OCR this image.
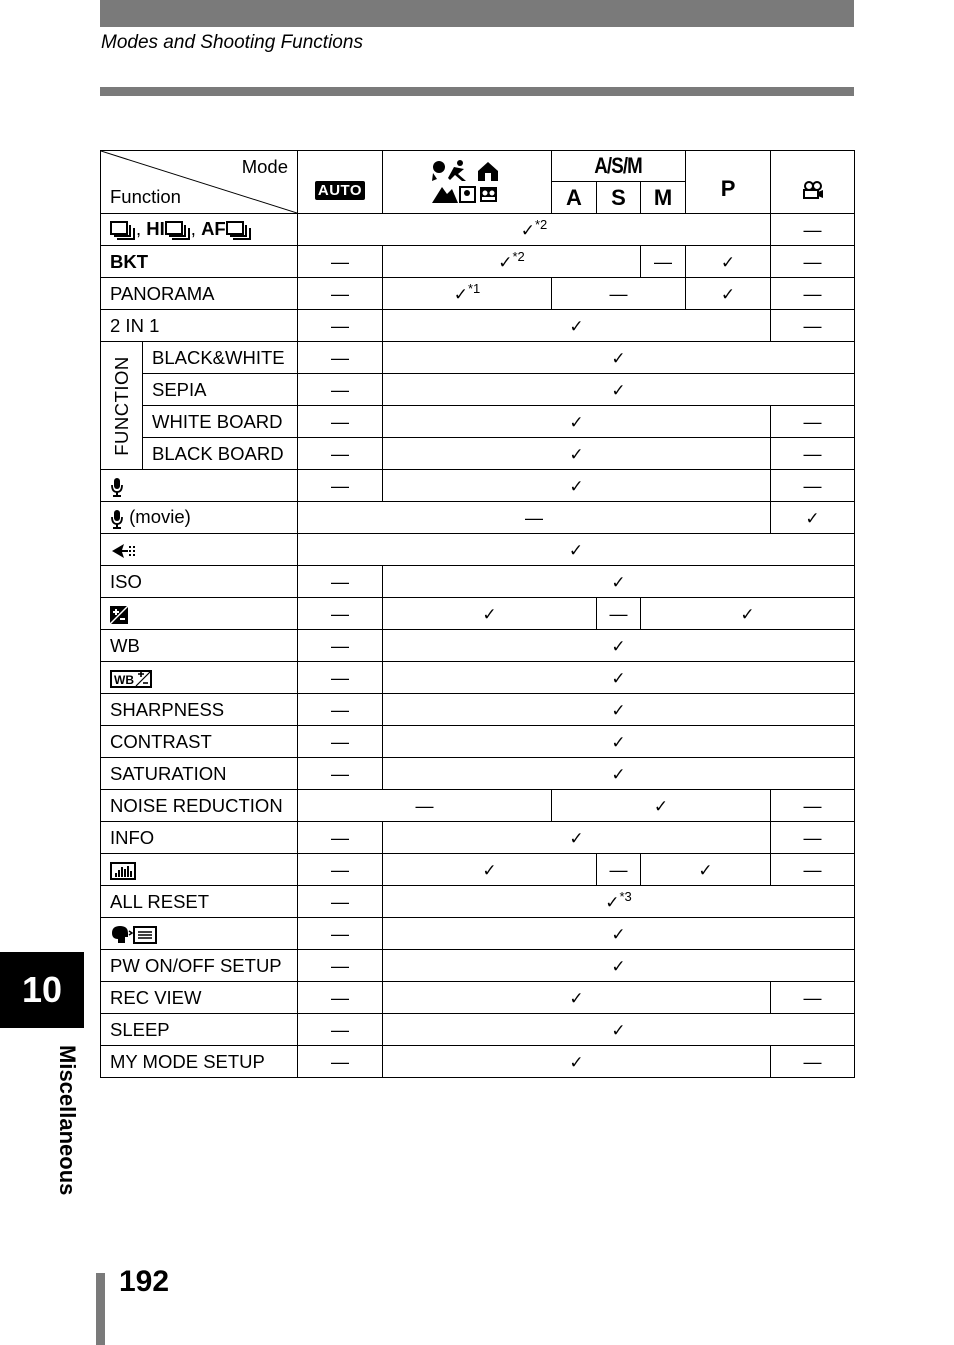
Modes and Shooting Functions
Mode
Function		AUTO		A/S/M			P	

				A	S	M		

, HI , AF		✓$^{*2}$						—
BKT		—	✓$^{*2}$			—	✓	—
PANORAMA		—	✓$^{*1}$	—			✓	—
2 IN 1		—	✓					—

FUNCTION	BLACK&WHITE	—	✓					
	SEPIA	—	✓					
	WHITE BOARD	—	✓					—
	BLACK BOARD	—	✓					—

	—	✓					—

(movie)		—						✓

	✓						
ISO		—	✓					

	—	✓		—	✓		
WB		—	✓					

WB		—	✓					
SHARPNESS		—	✓					
CONTRAST		—	✓					
SATURATION		—	✓					
NOISE REDUCTION		—		✓				—
INFO		—	✓					—

	—	✓		—	✓		—
ALL RESET		—	✓$^{*3}$

	—	✓					
PW ON/OFF SETUP		—	✓					
REC VIEW		—	✓					—
SLEEP		—	✓					
MY MODE SETUP		—	✓					—
10
Miscellaneous
192
